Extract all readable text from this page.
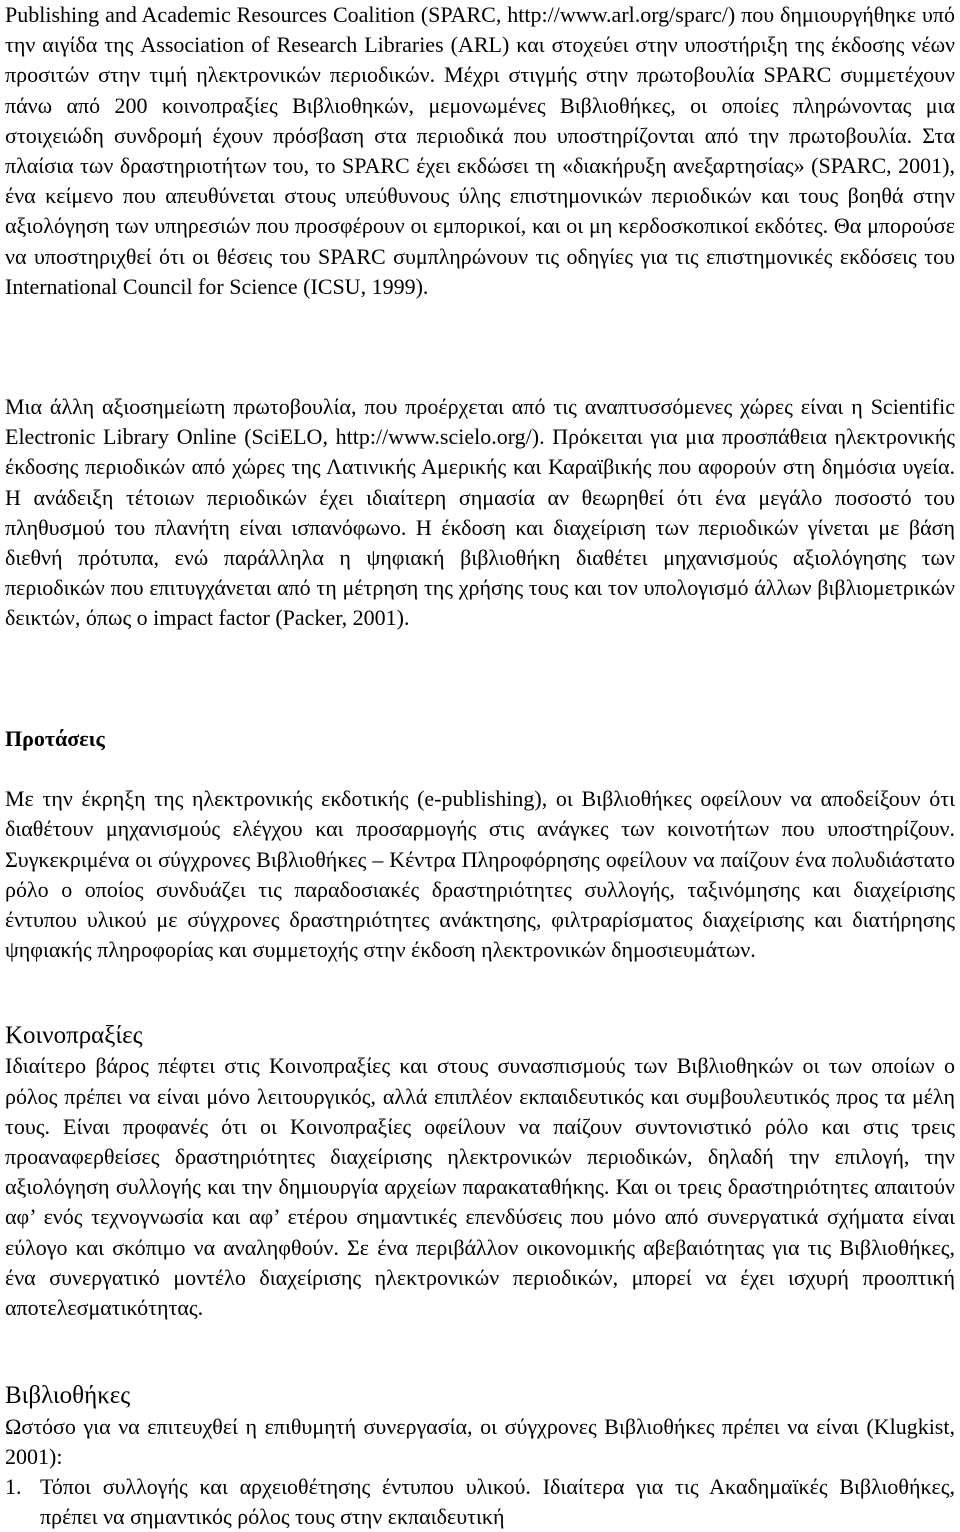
Publishing and Academic Resources Coalition (SPARC, http://www.arl.org/sparc/) που δημιουργήθηκε υπό την αιγίδα της Association of Research Libraries (ARL) και στοχεύει στην υποστήριξη της έκδοσης νέων προσιτών στην τιμή ηλεκτρονικών περιοδικών. Μέχρι στιγμής στην πρωτοβουλία SPARC συμμετέχουν πάνω από 200 κοινοπραξίες Βιβλιοθηκών, μεμονωμένες Βιβλιοθήκες, οι οποίες πληρώνοντας μια στοιχειώδη συνδρομή έχουν πρόσβαση στα περιοδικά που υποστηρίζονται από την πρωτοβουλία. Στα πλαίσια των δραστηριοτήτων του, το SPARC έχει εκδώσει τη «διακήρυξη ανεξαρτησίας» (SPARC, 2001), ένα κείμενο που απευθύνεται στους υπεύθυνους ύλης επιστημονικών περιοδικών και τους βοηθά στην αξιολόγηση των υπηρεσιών που προσφέρουν οι εμπορικοί, και οι μη κερδοσκοπικοί εκδότες. Θα μπορούσε να υποστηριχθεί ότι οι θέσεις του SPARC συμπληρώνουν τις οδηγίες για τις επιστημονικές εκδόσεις του International Council for Science (ICSU, 1999).

Μια άλλη αξιοσημείωτη πρωτοβουλία, που προέρχεται από τις αναπτυσσόμενες χώρες είναι η Scientific Electronic Library Online (SciELO, http://www.scielo.org/). Πρόκειται για μια προσπάθεια ηλεκτρονικής έκδοσης περιοδικών από χώρες της Λατινικής Αμερικής και Καραϊβικής που αφορούν στη δημόσια υγεία. Η ανάδειξη τέτοιων περιοδικών έχει ιδιαίτερη σημασία αν θεωρηθεί ότι ένα μεγάλο ποσοστό του πληθυσμού του πλανήτη είναι ισπανόφωνο. Η έκδοση και διαχείριση των περιοδικών γίνεται με βάση διεθνή πρότυπα, ενώ παράλληλα η ψηφιακή βιβλιοθήκη διαθέτει μηχανισμούς αξιολόγησης των περιοδικών που επιτυγχάνεται από τη μέτρηση της χρήσης τους και τον υπολογισμό άλλων βιβλιομετρικών δεικτών, όπως ο impact factor (Packer, 2001).

Προτάσεις

Με την έκρηξη της ηλεκτρονικής εκδοτικής (e-publishing), οι Βιβλιοθήκες οφείλουν να αποδείξουν ότι διαθέτουν μηχανισμούς ελέγχου και προσαρμογής στις ανάγκες των κοινοτήτων που υποστηρίζουν. Συγκεκριμένα οι σύγχρονες Βιβλιοθήκες – Κέντρα Πληροφόρησης οφείλουν να παίζουν ένα πολυδιάστατο ρόλο ο οποίος συνδυάζει τις παραδοσιακές δραστηριότητες συλλογής, ταξινόμησης και διαχείρισης έντυπου υλικού με σύγχρονες δραστηριότητες ανάκτησης, φιλτραρίσματος διαχείρισης και διατήρησης ψηφιακής πληροφορίας και συμμετοχής στην έκδοση ηλεκτρονικών δημοσιευμάτων.

Κοινοπραξίες

Ιδιαίτερο βάρος πέφτει στις Κοινοπραξίες και στους συνασπισμούς των Βιβλιοθηκών οι των οποίων ο ρόλος πρέπει να είναι μόνο λειτουργικός, αλλά επιπλέον εκπαιδευτικός και συμβουλευτικός προς τα μέλη τους. Είναι προφανές ότι οι Κοινοπραξίες οφείλουν να παίζουν συντονιστικό ρόλο και στις τρεις προαναφερθείσες δραστηριότητες διαχείρισης ηλεκτρονικών περιοδικών, δηλαδή την επιλογή, την αξιολόγηση συλλογής και την δημιουργία αρχείων παρακαταθήκης. Και οι τρεις δραστηριότητες απαιτούν αφ’ ενός τεχνογνωσία και αφ’ ετέρου σημαντικές επενδύσεις που μόνο από συνεργατικά σχήματα είναι εύλογο και σκόπιμο να αναληφθούν. Σε ένα περιβάλλον οικονομικής αβεβαιότητας για τις Βιβλιοθήκες, ένα συνεργατικό μοντέλο διαχείρισης ηλεκτρονικών περιοδικών, μπορεί να έχει ισχυρή προοπτική αποτελεσματικότητας.

Βιβλιοθήκες

Ωστόσο για να επιτευχθεί η επιθυμητή συνεργασία, οι σύγχρονες Βιβλιοθήκες πρέπει να είναι (Klugkist, 2001):

1. Τόποι συλλογής και αρχειοθέτησης έντυπου υλικού. Ιδιαίτερα για τις Ακαδημαϊκές Βιβλιοθήκες, πρέπει να σημαντικός ρόλος τους στην εκπαιδευτική
